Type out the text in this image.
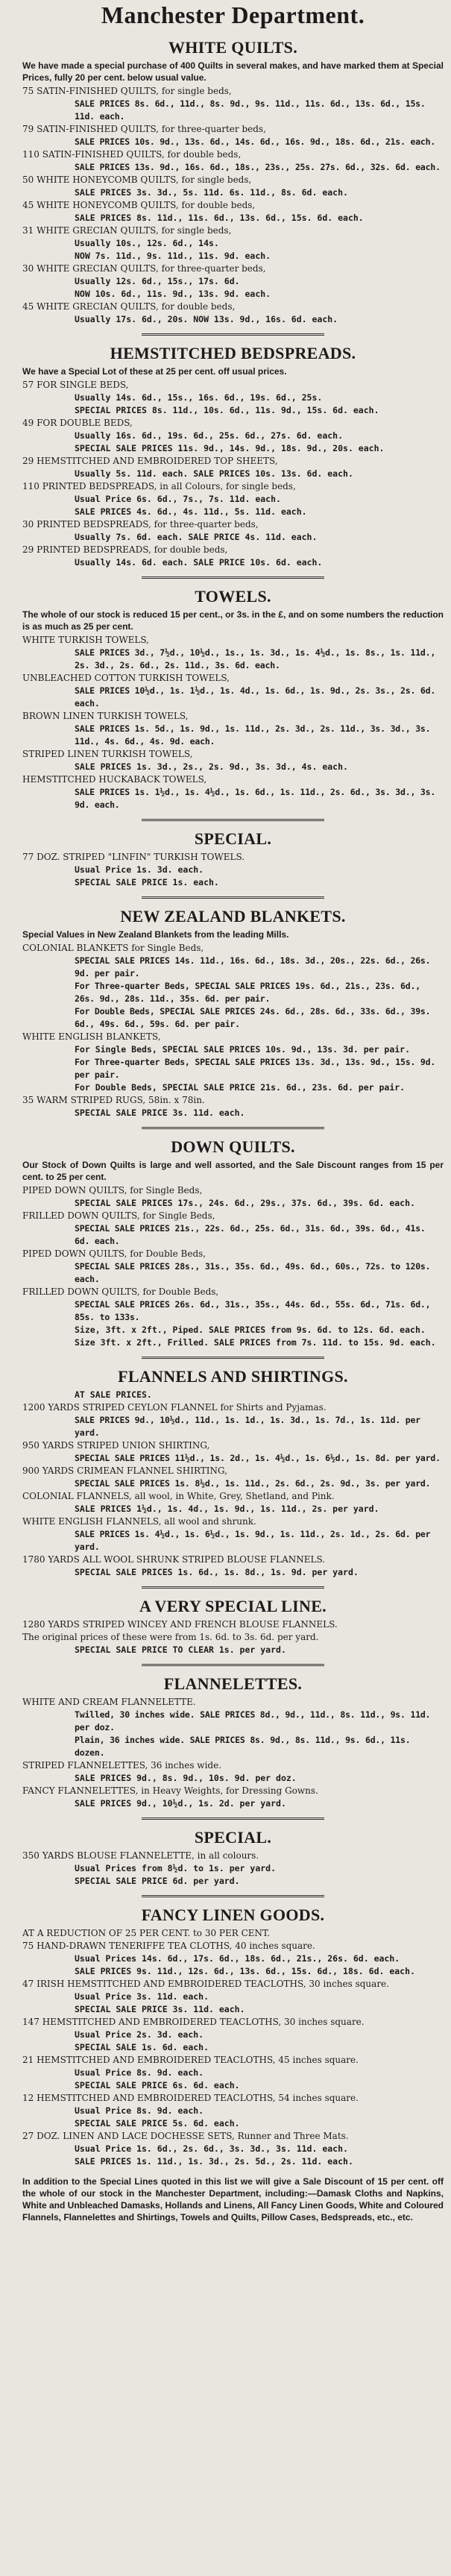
Manchester Department.
WHITE QUILTS.

We have made a special purchase of 400 Quilts in several makes, and have marked them at Special Prices, fully 20 per cent. below usual value.

75 SATIN-FINISHED QUILTS, for single beds,
SALE PRICES 8s. 6d., 11d., 8s. 9d., 9s. 11d., 11s. 6d., 13s. 6d., 15s. 11d. each.
79 SATIN-FINISHED QUILTS, for three-quarter beds,
SALE PRICES 10s. 9d., 13s. 6d., 14s. 6d., 16s. 9d., 18s. 6d., 21s. each.
110 SATIN-FINISHED QUILTS, for double beds,
SALE PRICES 13s. 9d., 16s. 6d., 18s., 23s., 25s. 27s. 6d., 32s. 6d. each.
50 WHITE HONEYCOMB QUILTS, for single beds,
SALE PRICES 3s. 3d., 5s. 11d. 6s. 11d., 8s. 6d. each.
45 WHITE HONEYCOMB QUILTS, for double beds,
SALE PRICES 8s. 11d., 11s. 6d., 13s. 6d., 15s. 6d. each.
31 WHITE GRECIAN QUILTS, for single beds,
Usually 10s., 12s. 6d., 14s.
NOW 7s. 11d., 9s. 11d., 11s. 9d. each.
30 WHITE GRECIAN QUILTS, for three-quarter beds,
Usually 12s. 6d., 15s., 17s. 6d.
NOW 10s. 6d., 11s. 9d., 13s. 9d. each.
45 WHITE GRECIAN QUILTS, for double beds,
Usually 17s. 6d., 20s. NOW 13s. 9d., 16s. 6d. each.
HEMSTITCHED BEDSPREADS.

We have a Special Lot of these at 25 per cent. off usual prices.

57 FOR SINGLE BEDS,
Usually 14s. 6d., 15s., 16s. 6d., 19s. 6d., 25s.
SPECIAL PRICES 8s. 11d., 10s. 6d., 11s. 9d., 15s. 6d. each.
49 FOR DOUBLE BEDS,
Usually 16s. 6d., 19s. 6d., 25s. 6d., 27s. 6d. each.
SPECIAL SALE PRICES 11s. 9d., 14s. 9d., 18s. 9d., 20s. each.
29 HEMSTITCHED AND EMBROIDERED TOP SHEETS,
Usually 5s. 11d. each. SALE PRICES 10s. 13s. 6d. each.
110 PRINTED BEDSPREADS, in all Colours, for single beds,
Usual Price 6s. 6d., 7s., 7s. 11d. each.
SALE PRICES 4s. 6d., 4s. 11d., 5s. 11d. each.
30 PRINTED BEDSPREADS, for three-quarter beds,
Usually 7s. 6d. each. SALE PRICE 4s. 11d. each.
29 PRINTED BEDSPREADS, for double beds,
Usually 14s. 6d. each. SALE PRICE 10s. 6d. each.
TOWELS.

The whole of our stock is reduced 15 per cent., or 3s. in the £, and on some numbers the reduction is as much as 25 per cent.

WHITE TURKISH TOWELS,
SALE PRICES 3d., 7½d., 10½d., 1s., 1s. 3d., 1s. 4½d., 1s. 8s., 1s. 11d., 2s. 3d., 2s. 6d., 2s. 11d., 3s. 6d. each.
UNBLEACHED COTTON TURKISH TOWELS,
SALE PRICES 10½d., 1s. 1½d., 1s. 4d., 1s. 6d., 1s. 9d., 2s. 3s., 2s. 6d. each.
BROWN LINEN TURKISH TOWELS,
SALE PRICES 1s. 5d., 1s. 9d., 1s. 11d., 2s. 3d., 2s. 11d., 3s. 3d., 3s. 11d., 4s. 6d., 4s. 9d. each.
STRIPED LINEN TURKISH TOWELS,
SALE PRICES 1s. 3d., 2s., 2s. 9d., 3s. 3d., 4s. each.
HEMSTITCHED HUCKABACK TOWELS,
SALE PRICES 1s. 1½d., 1s. 4½d., 1s. 6d., 1s. 11d., 2s. 6d., 3s. 3d., 3s. 9d. each.
SPECIAL.
77 DOZ. STRIPED "LINFIN" TURKISH TOWELS.
Usual Price 1s. 3d. each.
SPECIAL SALE PRICE 1s. each.
NEW ZEALAND BLANKETS.

Special Values in New Zealand Blankets from the leading Mills.

COLONIAL BLANKETS for Single Beds,
SPECIAL SALE PRICES 14s. 11d., 16s. 6d., 18s. 3d., 20s., 22s. 6d., 26s. 9d. per pair.
For Three-quarter Beds, SPECIAL SALE PRICES 19s. 6d., 21s., 23s. 6d., 26s. 9d., 28s. 11d., 35s. 6d. per pair.
For Double Beds, SPECIAL SALE PRICES 24s. 6d., 28s. 6d., 33s. 6d., 39s. 6d., 49s. 6d., 59s. 6d. per pair.
WHITE ENGLISH BLANKETS,
For Single Beds, SPECIAL SALE PRICES 10s. 9d., 13s. 3d. per pair.
For Three-quarter Beds, SPECIAL SALE PRICES 13s. 3d., 13s. 9d., 15s. 9d. per pair.
For Double Beds, SPECIAL SALE PRICE 21s. 6d., 23s. 6d. per pair.
35 WARM STRIPED RUGS, 58in. x 78in.
SPECIAL SALE PRICE 3s. 11d. each.
DOWN QUILTS.

Our Stock of Down Quilts is large and well assorted, and the Sale Discount ranges from 15 per cent. to 25 per cent.

PIPED DOWN QUILTS, for Single Beds,
SPECIAL SALE PRICES 17s., 24s. 6d., 29s., 37s. 6d., 39s. 6d. each.
FRILLED DOWN QUILTS, for Single Beds,
SPECIAL SALE PRICES 21s., 22s. 6d., 25s. 6d., 31s. 6d., 39s. 6d., 41s. 6d. each.
PIPED DOWN QUILTS, for Double Beds,
SPECIAL SALE PRICES 28s., 31s., 35s. 6d., 49s. 6d., 60s., 72s. to 120s. each.
FRILLED DOWN QUILTS, for Double Beds,
SPECIAL SALE PRICES 26s. 6d., 31s., 35s., 44s. 6d., 55s. 6d., 71s. 6d., 85s. to 133s.
Size, 3ft. x 2ft., Piped. SALE PRICES from 9s. 6d. to 12s. 6d. each.
Size 3ft. x 2ft., Frilled. SALE PRICES from 7s. 11d. to 15s. 9d. each.
FLANNELS AND SHIRTINGS.
AT SALE PRICES.
1200 YARDS STRIPED CEYLON FLANNEL for Shirts and Pyjamas.
SALE PRICES 9d., 10½d., 11d., 1s. 1d., 1s. 3d., 1s. 7d., 1s. 11d. per yard.
950 YARDS STRIPED UNION SHIRTING,
SPECIAL SALE PRICES 11½d., 1s. 2d., 1s. 4½d., 1s. 6½d., 1s. 8d. per yard.
900 YARDS CRIMEAN FLANNEL SHIRTING,
SPECIAL SALE PRICES 1s. 8½d., 1s. 11d., 2s. 6d., 2s. 9d., 3s. per yard.
COLONIAL FLANNELS, all wool, in White, Grey, Shetland, and Pink.
SALE PRICES 1½d., 1s. 4d., 1s. 9d., 1s. 11d., 2s. per yard.
WHITE ENGLISH FLANNELS, all wool and shrunk.
SALE PRICES 1s. 4½d., 1s. 6½d., 1s. 9d., 1s. 11d., 2s. 1d., 2s. 6d. per yard.
1780 YARDS ALL WOOL SHRUNK STRIPED BLOUSE FLANNELS.
SPECIAL SALE PRICES 1s. 6d., 1s. 8d., 1s. 9d. per yard.
A VERY SPECIAL LINE.
1280 YARDS STRIPED WINCEY AND FRENCH BLOUSE FLANNELS.
The original prices of these were from 1s. 6d. to 3s. 6d. per yard.
SPECIAL SALE PRICE TO CLEAR 1s. per yard.
FLANNELETTES.
WHITE AND CREAM FLANNELETTE.
Twilled, 30 inches wide. SALE PRICES 8d., 9d., 11d., 8s. 11d., 9s. 11d. per doz.
Plain, 36 inches wide. SALE PRICES 8s. 9d., 8s. 11d., 9s. 6d., 11s. dozen.
STRIPED FLANNELETTES, 36 inches wide.
SALE PRICES 9d., 8s. 9d., 10s. 9d. per doz.
FANCY FLANNELETTES, in Heavy Weights, for Dressing Gowns.
SALE PRICES 9d., 10½d., 1s. 2d. per yard.
SPECIAL.
350 YARDS BLOUSE FLANNELETTE, in all colours.
Usual Prices from 8½d. to 1s. per yard.
SPECIAL SALE PRICE 6d. per yard.
FANCY LINEN GOODS.
AT A REDUCTION OF 25 PER CENT. to 30 PER CENT.
75 HAND-DRAWN TENERIFFE TEA CLOTHS, 40 inches square.
Usual Prices 14s. 6d., 17s. 6d., 18s. 6d., 21s., 26s. 6d. each.
SALE PRICES 9s. 11d., 12s. 6d., 13s. 6d., 15s. 6d., 18s. 6d. each.
47 IRISH HEMSTITCHED AND EMBROIDERED TEACLOTHS, 30 inches square.
Usual Price 3s. 11d. each.
SPECIAL SALE PRICE 3s. 11d. each.
147 HEMSTITCHED AND EMBROIDERED TEACLOTHS, 30 inches square.
Usual Price 2s. 3d. each.
SPECIAL SALE 1s. 6d. each.
21 HEMSTITCHED AND EMBROIDERED TEACLOTHS, 45 inches square.
Usual Price 8s. 9d. each.
SPECIAL SALE PRICE 6s. 6d. each.
12 HEMSTITCHED AND EMBROIDERED TEACLOTHS, 54 inches square.
Usual Price 8s. 9d. each.
SPECIAL SALE PRICE 5s. 6d. each.
27 DOZ. LINEN AND LACE DOCHESSE SETS, Runner and Three Mats.
Usual Price 1s. 6d., 2s. 6d., 3s. 3d., 3s. 11d. each.
SALE PRICES 1s. 11d., 1s. 3d., 2s. 5d., 2s. 11d. each.

In addition to the Special Lines quoted in this list we will give a Sale Discount of 15 per cent. off the whole of our stock in the Manchester Department, including:—Damask Cloths and Napkins, White and Unbleached Damasks, Hollands and Linens, All Fancy Linen Goods, White and Coloured Flannels, Flannelettes and Shirtings, Towels and Quilts, Pillow Cases, Bedspreads, etc., etc.
